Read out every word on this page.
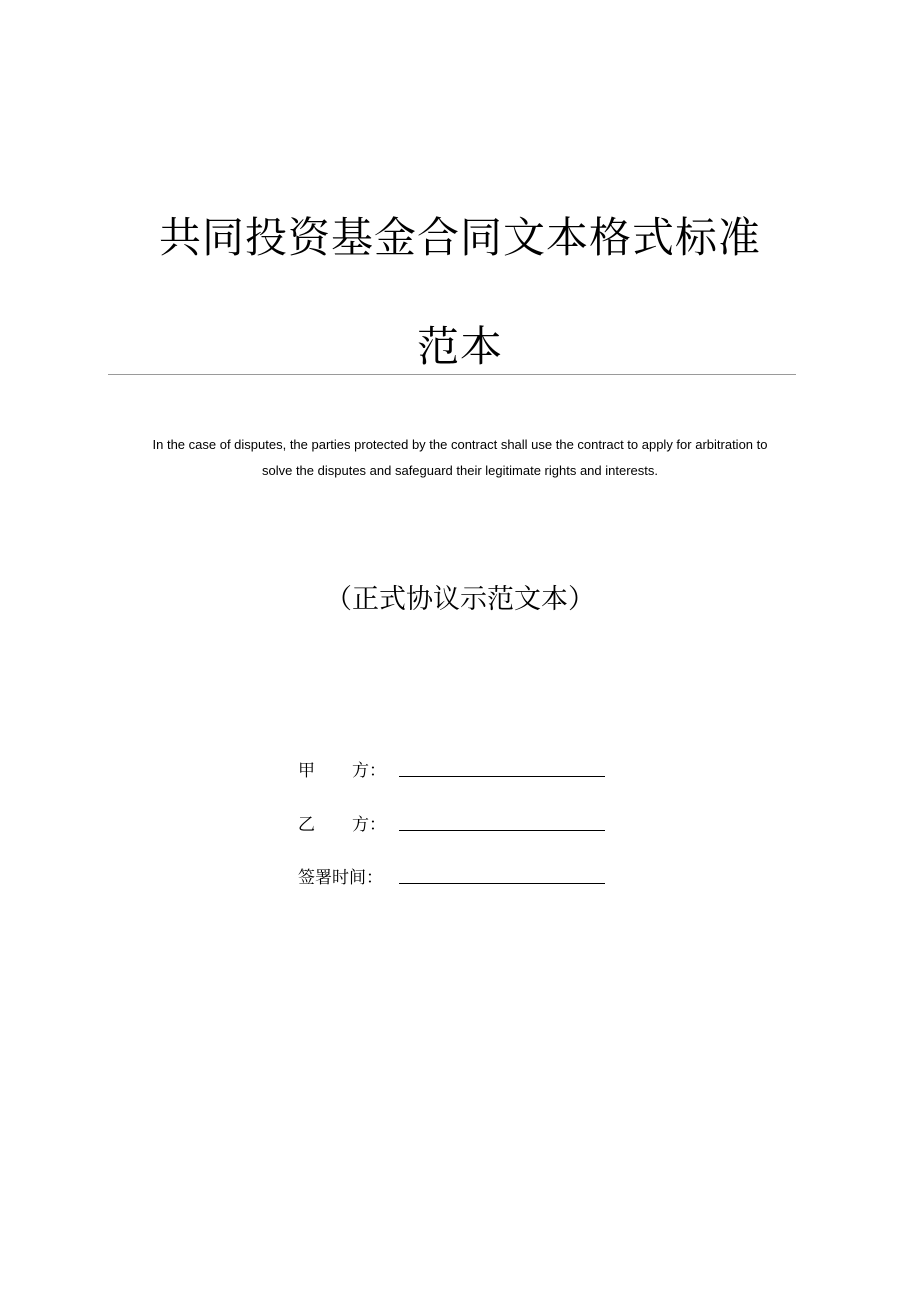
共同投资基金合同文本格式标准
范本
In the case of disputes, the parties protected by the contract shall use the contract to apply for arbitration to
solve the disputes and safeguard their legitimate rights and interests.
（正式协议示范文本）
甲 方：
乙 方：
签署时间：
